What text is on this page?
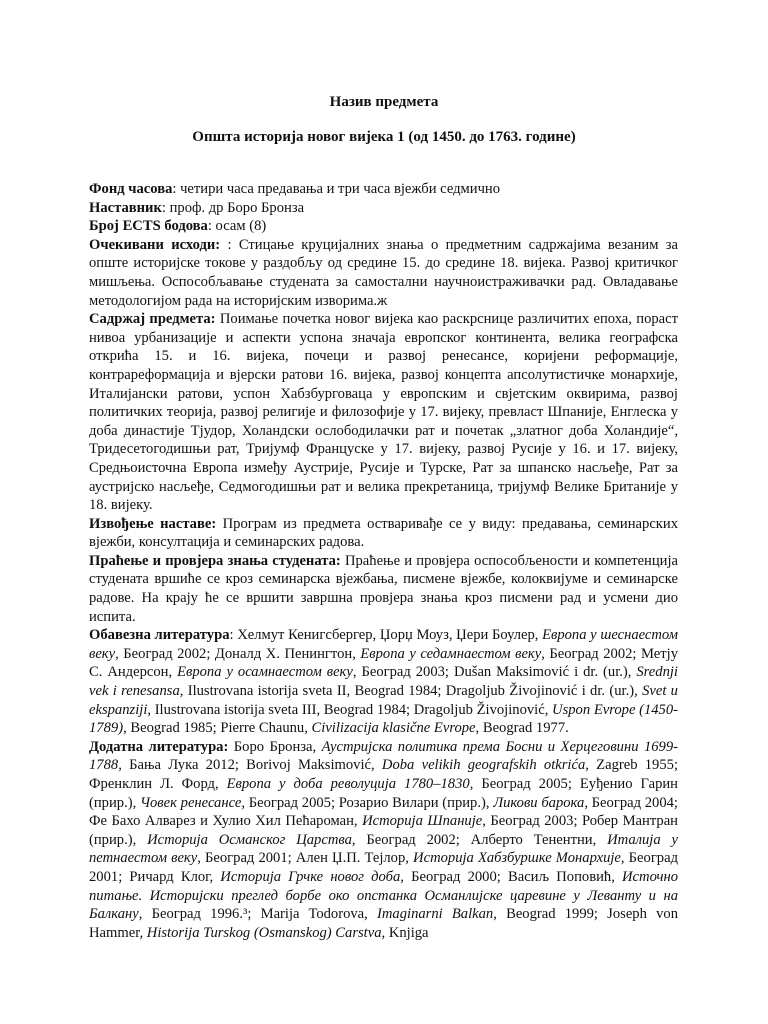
Назив предмета
Општа историја новог вијека 1 (од 1450. до 1763. године)

Фонд часова: четири часа предавања и три часа вјежби седмично

Наставник: проф. др Боро Бронза

Број ECTS бодова: осам (8)

Очекивани исходи: : Стицање круцијалних знања о предметним садржајима везаним за опште историјске токове у раздобљу од средине 15. до средине 18. вијека. Развој критичког мишљења. Оспособљавање студената за самостални научноистраживачки рад. Овладавање методологијом рада на историјским изворима.ж

Садржај предмета: Поимање почетка новог вијека као раскрснице различитих епоха, пораст нивоа урбанизације и аспекти успона значаја европског континента, велика географска открића 15. и 16. вијека, почеци и развој ренесансе, коријени реформације, контрареформација и вјерски ратови 16. вијека, развој концепта апсолутистичке монархије, Италијански ратови, успон Хабзбурговаца у европским и свјетским оквирима, развој политичких теорија, развој религије и филозофије у 17. вијеку, превласт Шпаније, Енглеска у доба династије Тјудор, Холандски ослободилачки рат и почетак „златног доба Холандије“, Тридесетогодишњи рат, Тријумф Француске у 17. вијеку, развој Русије у 16. и 17. вијеку, Средњоисточна Европа између Аустрије, Русије и Турске, Рат за шпанско насљеђе, Рат за аустријско насљеђе, Седмогодишњи рат и велика прекретаница, тријумф Велике Британије у 18. вијеку.

Извођење наставе: Програм из предмета остваривађе се у виду: предавања, семинарских вјежби, консултација и семинарских радова.

Праћење и провјера знања студената: Праћење и провјера оспособљености и компетенција студената вршиће се кроз семинарска вјежбања, писмене вјежбе, колоквијуме и семинарске радове. На крају ће се вршити завршна провјера знања кроз писмени рад и усмени дио испита.

Обавезна литература: Хелмут Кенигсбергер, Џорџ Моуз, Џери Боулер, Европа у шеснаестом веку, Београд 2002; Доналд Х. Пенингтон, Европа у седамнаестом веку, Београд 2002; Метју С. Андерсон, Европа у осамнаестом веку, Београд 2003; Dušan Maksimović i dr. (ur.), Srednji vek i renesansa, Ilustrovana istorija sveta II, Beograd 1984; Dragoljub Živojinović i dr. (ur.), Svet u ekspanziji, Ilustrovana istorija sveta III, Beograd 1984; Dragoljub Živojinović, Uspon Evrope (1450-1789), Beograd 1985; Pierre Chaunu, Civilizacija klasične Evrope, Beograd 1977.

Додатна литература: Боро Бронза, Аустријска политика према Босни и Херцеговини 1699-1788, Бања Лука 2012; Borivoj Maksimović, Doba velikih geografskih otkrića, Zagreb 1955; Френклин Л. Форд, Европа у доба револуција 1780–1830, Београд 2005; Еуђенио Гарин (прир.), Човек ренесансе, Београд 2005; Розарио Вилари (прир.), Ликови барока, Београд 2004; Фе Бахо Алварез и Хулио Хил Пећароман, Историја Шпаније, Београд 2003; Робер Мантран (прир.), Историја Османског Царства, Београд 2002; Алберто Тенентни, Италија у петнаестом веку, Београд 2001; Ален Џ.П. Тејлор, Историја Хабзбуршке Монархије, Београд 2001; Ричард Клог, Историја Грчке новог доба, Београд 2000; Васиљ Поповић, Источно питање. Историјски преглед борбе око опстанка Османлијске царевине у Леванту и на Балкану, Београд 1996.³; Marija Todorova, Imaginarni Balkan, Beograd 1999; Joseph von Hammer, Historija Turskog (Osmanskog) Carstva, Knjiga
